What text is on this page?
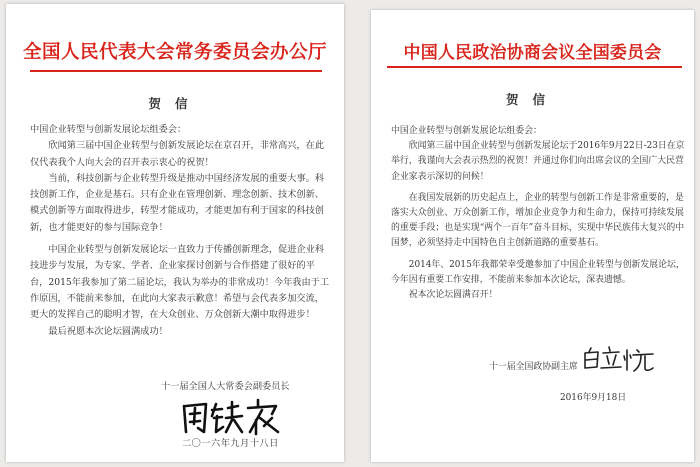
全国人民代表大会常务委员会办公厅
贺信

中国企业转型与创新发展论坛组委会：

欣闻第三届中国企业转型与创新发展论坛在京召开，非常高兴，在此仅代表我个人向大会的召开表示衷心的祝贺！

当前，科技创新与企业转型升级是推动中国经济发展的重要大事。科技创新工作，企业是基石。只有企业在管理创新、理念创新、技术创新、模式创新等方面取得进步，转型才能成功，才能更加有利于国家的科技创新，也才能更好的参与国际竞争！

中国企业转型与创新发展论坛一直致力于传播创新理念，促进企业科技进步与发展，为专家、学者、企业家探讨创新与合作搭建了很好的平台，2015年我参加了第二届论坛，我认为举办的非常成功！今年我由于工作原因，不能前来参加，在此向大家表示歉意！希望与会代表多加交流，更大的发挥自己的聪明才智，在大众创业、万众创新大潮中取得进步！

最后祝愿本次论坛圆满成功！

十一届全国人大常委会副委员长
二〇一六年九月十八日
中国人民政治协商会议全国委员会
贺信

中国企业转型与创新发展论坛组委会：

欣闻第三届中国企业转型与创新发展论坛于2016年9月22日-23日在京举行，我谨向大会表示热烈的祝贺！并通过你们向出席会议的全国广大民营企业家表示深切的问候！

在我国发展新的历史起点上，企业的转型与创新工作是非常重要的，是落实大众创业、万众创新工作，增加企业竞争力和生命力，保持可持续发展的重要手段；也是实现“两个一百年”奋斗目标，实现中华民族伟大复兴的中国梦，必须坚持走中国特色自主创新道路的重要基石。

2014年、2015年我都荣幸受邀参加了中国企业转型与创新发展论坛，今年因有重要工作安排，不能前来参加本次论坛，深表遗憾。

祝本次论坛圆满召开！

十一届全国政协副主席
2016年9月18日
